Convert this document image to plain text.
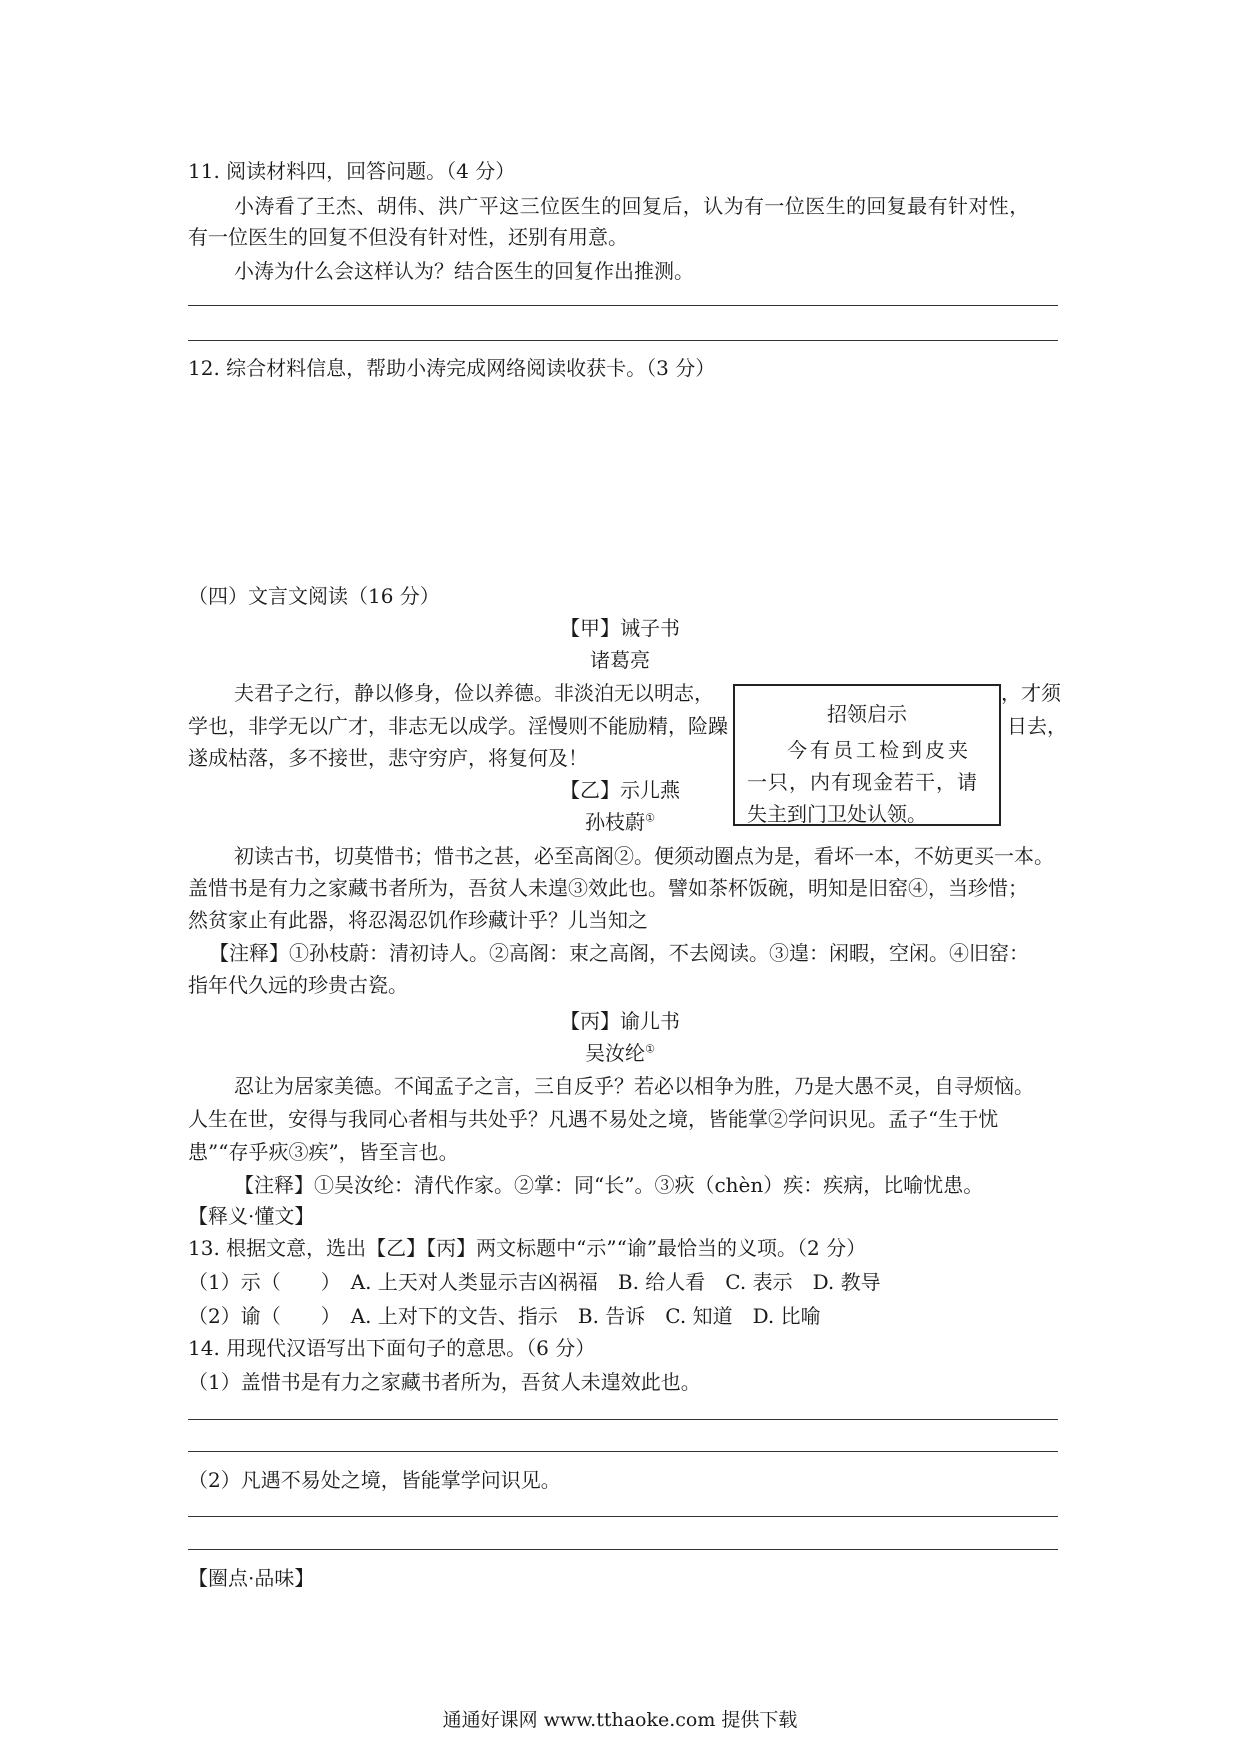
11. 阅读材料四，回答问题。（4 分）
小涛看了王杰、胡伟、洪广平这三位医生的回复后，认为有一位医生的回复最有针对性，
有一位医生的回复不但没有针对性，还别有用意。
小涛为什么会这样认为？结合医生的回复作出推测。
12. 综合材料信息，帮助小涛完成网络阅读收获卡。（3 分）
（四）文言文阅读（16 分）
【甲】诫子书
诸葛亮
夫君子之行，静以修身，俭以养德。非淡泊无以明志，	，才须
学也，非学无以广才，非志无以成学。淫慢则不能励精，险躁	日去，
遂成枯落，多不接世，悲守穷庐，将复何及！
【乙】示儿燕
孙枝蔚①
初读古书，切莫惜书；惜书之甚，必至高阁②。便须动圈点为是，看坏一本，不妨更买一本。
盖惜书是有力之家藏书者所为，吾贫人未遑③效此也。譬如茶杯饭碗，明知是旧窑④，当珍惜；
然贫家止有此器，将忍渴忍饥作珍藏计乎？儿当知之
【注释】①孙枝蔚：清初诗人。②高阁：束之高阁，不去阅读。③遑：闲暇，空闲。④旧窑：
指年代久远的珍贵古瓷。
【丙】谕儿书
吴汝纶①
忍让为居家美德。不闻孟子之言，三自反乎？若必以相争为胜，乃是大愚不灵，自寻烦恼。
人生在世，安得与我同心者相与共处乎？凡遇不易处之境，皆能掌②学问识见。孟子“生于忧
患”“存乎疢③疾”，皆至言也。
【注释】①吴汝纶：清代作家。②掌：同“长”。③疢（chèn）疾：疾病，比喻忧患。
【释义·懂文】
13. 根据文意，选出【乙】【丙】两文标题中“示”“谕”最恰当的义项。（2 分）
（1）示（　　）　A. 上天对人类显示吉凶祸福　B. 给人看　C. 表示　D. 教导
（2）谕（　　）　A. 上对下的文告、指示　B. 告诉　C. 知道　D. 比喻
14. 用现代汉语写出下面句子的意思。（6 分）
（1）盖惜书是有力之家藏书者所为，吾贫人未遑效此也。
（2）凡遇不易处之境，皆能掌学问识见。
【圈点·品味】
招领启示
今有员工检到皮夹
一只，内有现金若干，请
失主到门卫处认领。
通通好课网 www.tthaoke.com 提供下载
